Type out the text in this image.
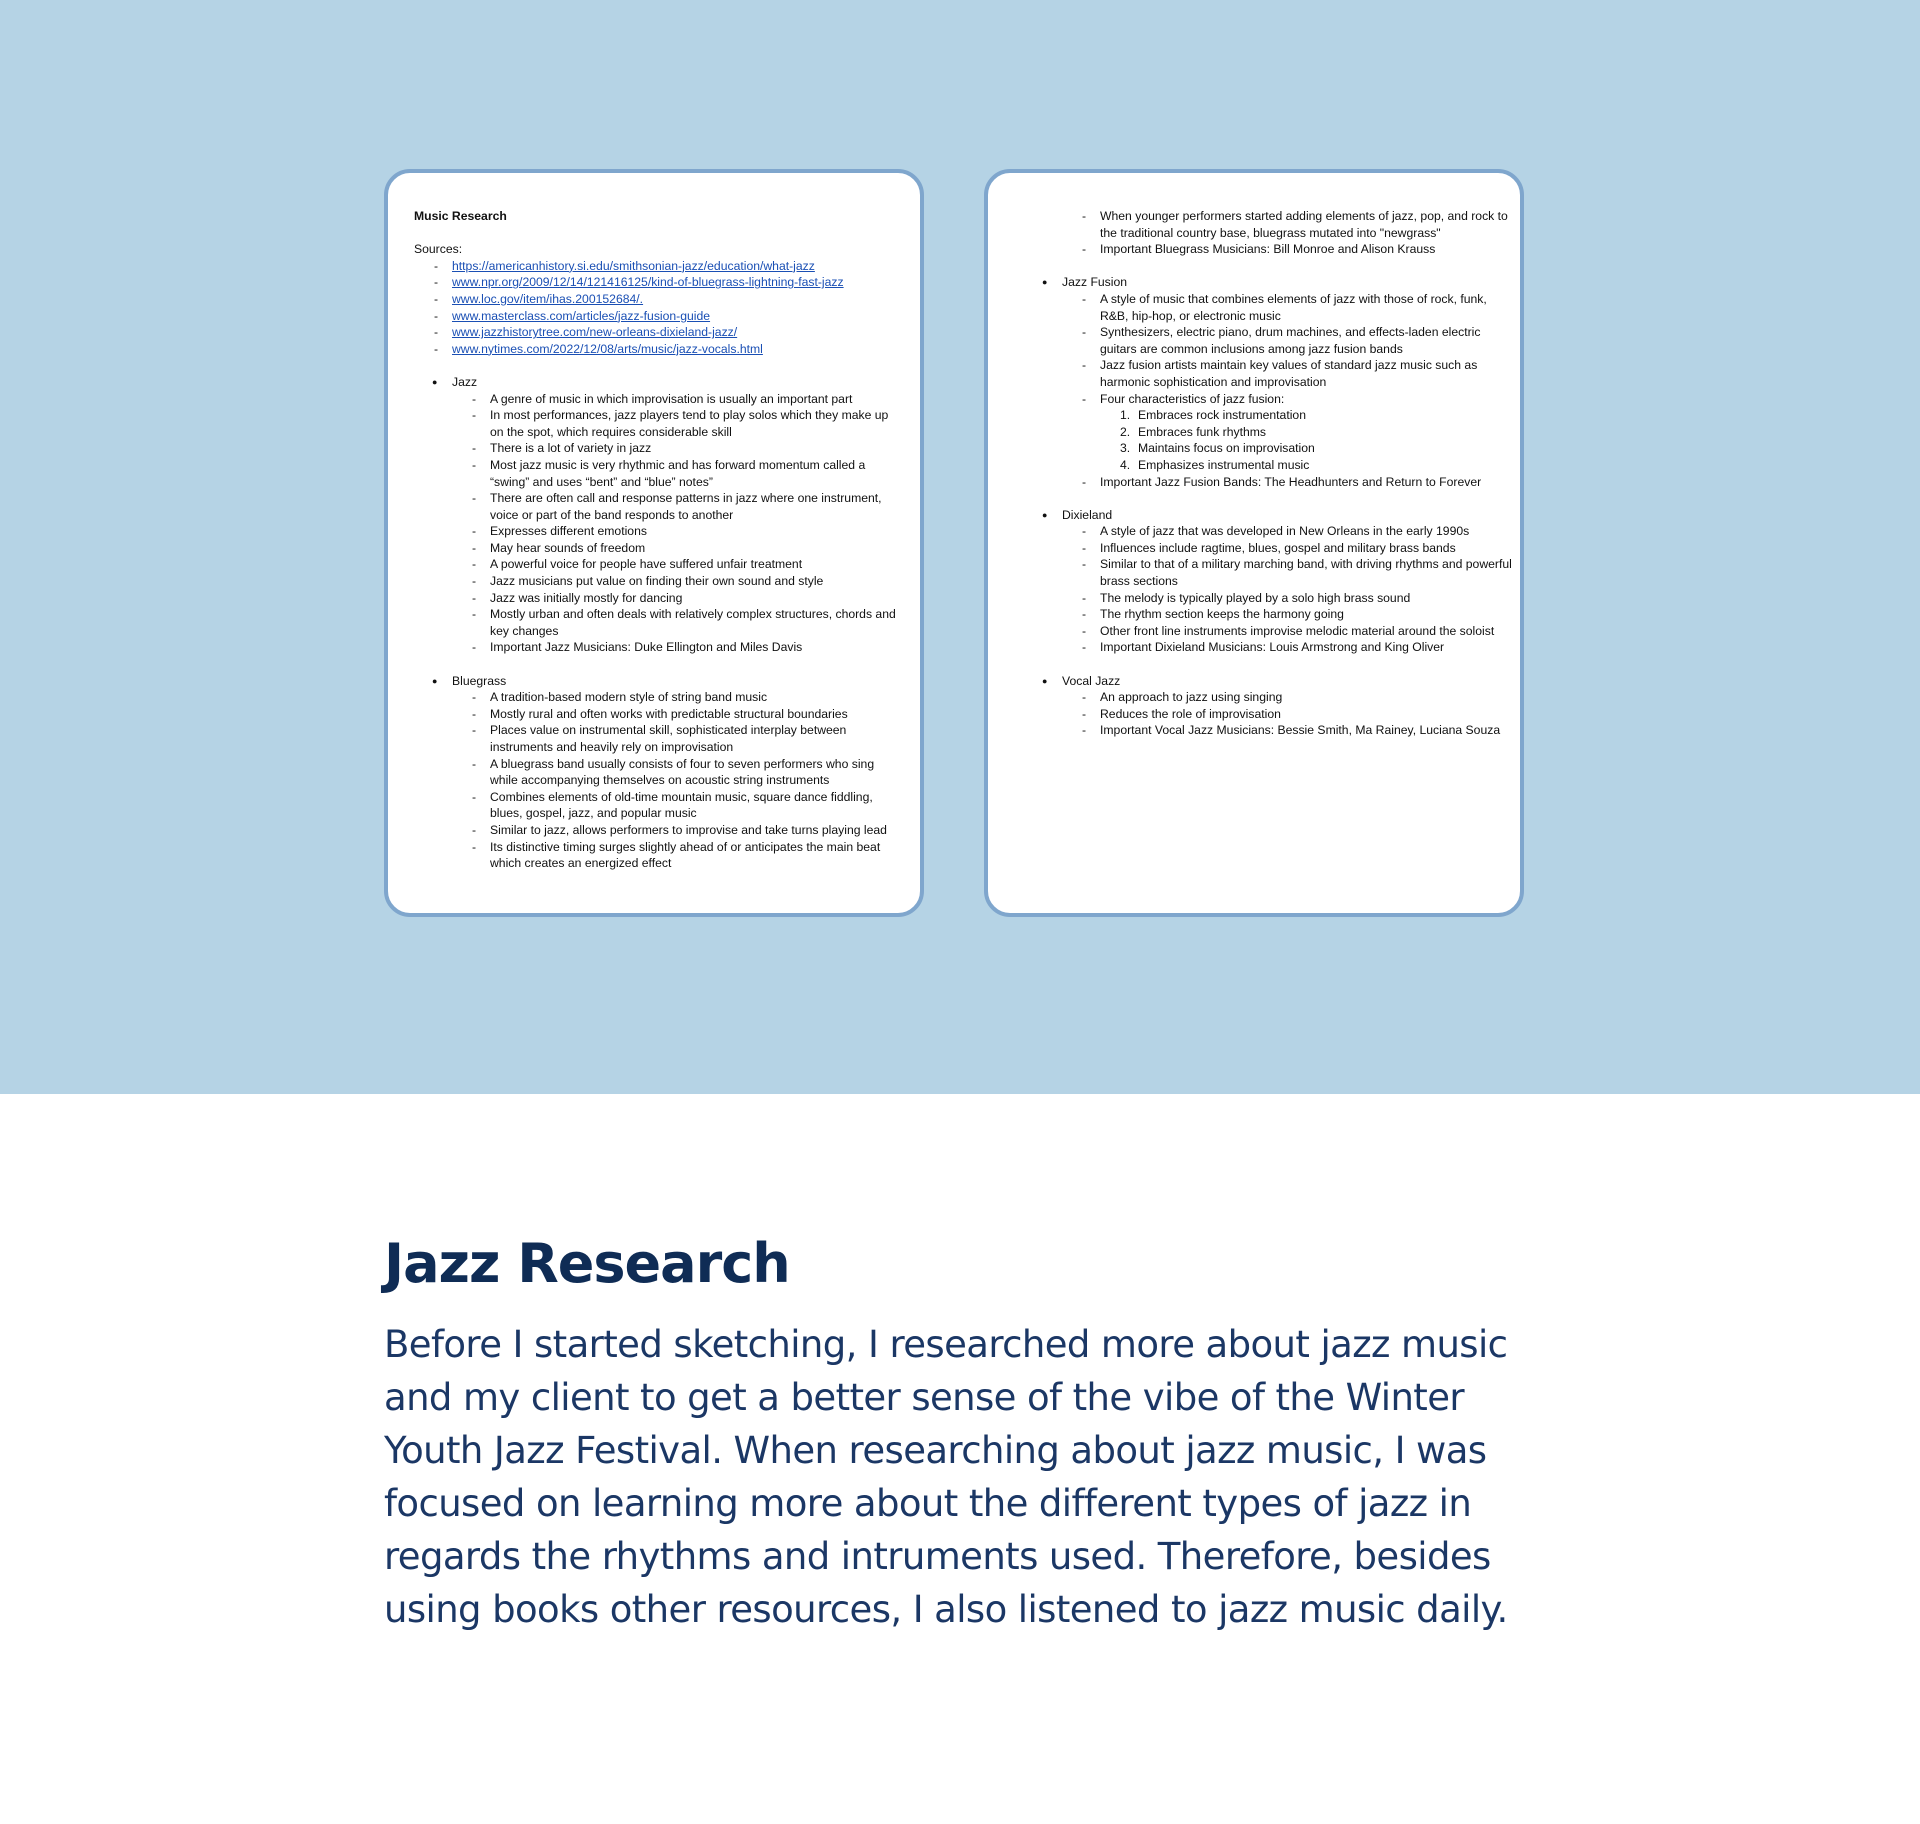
Music Research

Sources:

- https://americanhistory.si.edu/smithsonian-jazz/education/what-jazz
- www.npr.org/2009/12/14/121416125/kind-of-bluegrass-lightning-fast-jazz
- www.loc.gov/item/ihas.200152684/.
- www.masterclass.com/articles/jazz-fusion-guide
- www.jazzhistorytree.com/new-orleans-dixieland-jazz/
- www.nytimes.com/2022/12/08/arts/music/jazz-vocals.html
● Jazz
- A genre of music in which improvisation is usually an important part
- In most performances, jazz players tend to play solos which they make up on the spot, which requires considerable skill
- There is a lot of variety in jazz
- Most jazz music is very rhythmic and has forward momentum called a “swing” and uses “bent” and “blue” notes”
- There are often call and response patterns in jazz where one instrument, voice or part of the band responds to another
- Expresses different emotions
- May hear sounds of freedom
- A powerful voice for people have suffered unfair treatment
- Jazz musicians put value on finding their own sound and style
- Jazz was initially mostly for dancing
- Mostly urban and often deals with relatively complex structures, chords and key changes
- Important Jazz Musicians: Duke Ellington and Miles Davis
● Bluegrass
- A tradition-based modern style of string band music
- Mostly rural and often works with predictable structural boundaries
- Places value on instrumental skill, sophisticated interplay between instruments and heavily rely on improvisation
- A bluegrass band usually consists of four to seven performers who sing while accompanying themselves on acoustic string instruments
- Combines elements of old-time mountain music, square dance fiddling, blues, gospel, jazz, and popular music
- Similar to jazz, allows performers to improvise and take turns playing lead
- Its distinctive timing surges slightly ahead of or anticipates the main beat which creates an energized effect
- When younger performers started adding elements of jazz, pop, and rock to the traditional country base, bluegrass mutated into "newgrass"
- Important Bluegrass Musicians: Bill Monroe and Alison Krauss
● Jazz Fusion
- A style of music that combines elements of jazz with those of rock, funk, R&B, hip-hop, or electronic music
- Synthesizers, electric piano, drum machines, and effects-laden electric guitars are common inclusions among jazz fusion bands
- Jazz fusion artists maintain key values of standard jazz music such as harmonic sophistication and improvisation
- Four characteristics of jazz fusion:
1. Embraces rock instrumentation
2. Embraces funk rhythms
3. Maintains focus on improvisation
4. Emphasizes instrumental music
- Important Jazz Fusion Bands: The Headhunters and Return to Forever
● Dixieland
- A style of jazz that was developed in New Orleans in the early 1990s
- Influences include ragtime, blues, gospel and military brass bands
- Similar to that of a military marching band, with driving rhythms and powerful brass sections
- The melody is typically played by a solo high brass sound
- The rhythm section keeps the harmony going
- Other front line instruments improvise melodic material around the soloist
- Important Dixieland Musicians: Louis Armstrong and King Oliver
● Vocal Jazz
- An approach to jazz using singing
- Reduces the role of improvisation
- Important Vocal Jazz Musicians: Bessie Smith, Ma Rainey, Luciana Souza
Jazz Research

Before I started sketching, I researched more about jazz music and my client to get a better sense of the vibe of the Winter Youth Jazz Festival. When researching about jazz music, I was focused on learning more about the different types of jazz in regards the rhythms and intruments used. Therefore, besides using books other resources, I also listened to jazz music daily.
